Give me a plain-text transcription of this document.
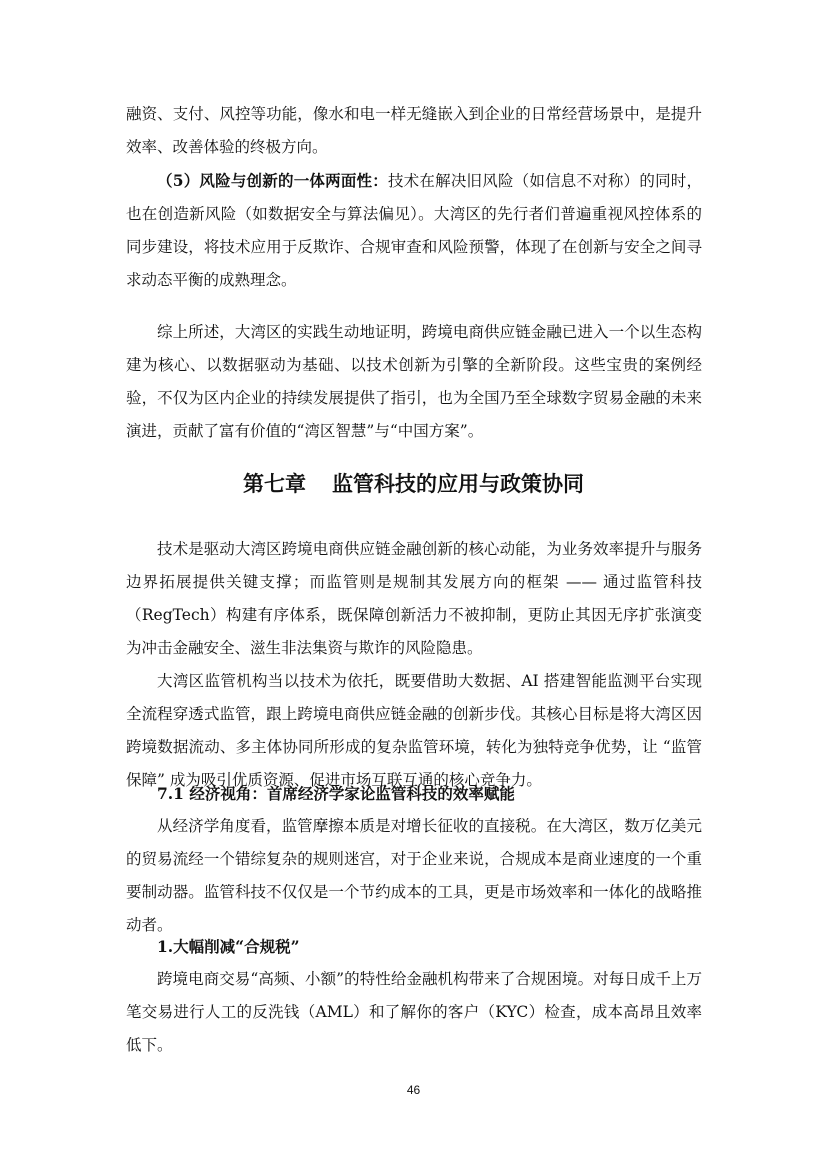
融资、支付、风控等功能，像水和电一样无缝嵌入到企业的日常经营场景中，是提升效率、改善体验的终极方向。

（5）风险与创新的一体两面性：技术在解决旧风险（如信息不对称）的同时，也在创造新风险（如数据安全与算法偏见）。大湾区的先行者们普遍重视风控体系的同步建设，将技术应用于反欺诈、合规审查和风险预警，体现了在创新与安全之间寻求动态平衡的成熟理念。

综上所述，大湾区的实践生动地证明，跨境电商供应链金融已进入一个以生态构建为核心、以数据驱动为基础、以技术创新为引擎的全新阶段。这些宝贵的案例经验，不仅为区内企业的持续发展提供了指引，也为全国乃至全球数字贸易金融的未来演进，贡献了富有价值的“湾区智慧”与“中国方案”。

第七章 监管科技的应用与政策协同

技术是驱动大湾区跨境电商供应链金融创新的核心动能，为业务效率提升与服务边界拓展提供关键支撑；而监管则是规制其发展方向的框架 —— 通过监管科技（RegTech）构建有序体系，既保障创新活力不被抑制，更防止其因无序扩张演变为冲击金融安全、滋生非法集资与欺诈的风险隐患。

大湾区监管机构当以技术为依托，既要借助大数据、AI 搭建智能监测平台实现全流程穿透式监管，跟上跨境电商供应链金融的创新步伐。其核心目标是将大湾区因跨境数据流动、多主体协同所形成的复杂监管环境，转化为独特竞争优势，让 “监管保障” 成为吸引优质资源、促进市场互联互通的核心竞争力。

7.1 经济视角：首席经济学家论监管科技的效率赋能

从经济学角度看，监管摩擦本质是对增长征收的直接税。在大湾区，数万亿美元的贸易流经一个错综复杂的规则迷宫，对于企业来说，合规成本是商业速度的一个重要制动器。监管科技不仅仅是一个节约成本的工具，更是市场效率和一体化的战略推动者。

1.大幅削减“合规税”

跨境电商交易“高频、小额”的特性给金融机构带来了合规困境。对每日成千上万笔交易进行人工的反洗钱（AML）和了解你的客户（KYC）检查，成本高昂且效率低下。

46
